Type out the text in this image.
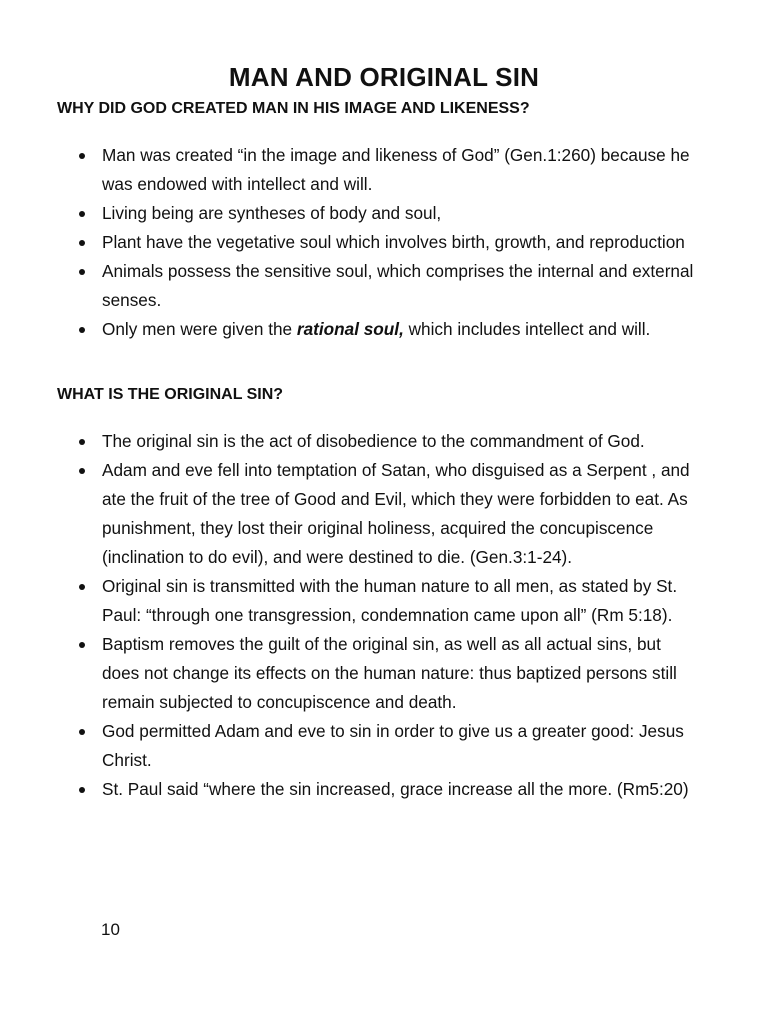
MAN AND ORIGINAL SIN
WHY DID GOD CREATED MAN IN HIS IMAGE AND LIKENESS?
Man was created “in the image and likeness of God” (Gen.1:260) because he was endowed with intellect and will.
Living being are syntheses of body and soul,
Plant have the vegetative soul which involves birth, growth, and reproduction
Animals possess the sensitive soul, which comprises the internal and external senses.
Only men were given the rational soul, which includes intellect and will.
WHAT IS THE ORIGINAL SIN?
The original sin is the act of disobedience to the commandment of God.
Adam and eve fell into temptation of Satan, who disguised as a Serpent , and ate the fruit of the tree of Good and Evil, which they were forbidden to eat. As punishment, they lost their original holiness, acquired the concupiscence (inclination to do evil), and were destined to die. (Gen.3:1-24).
Original sin is transmitted with the human nature to all men, as stated by St. Paul: “through one transgression, condemnation came upon all” (Rm 5:18).
Baptism removes the guilt of the original sin, as well as all actual sins, but does not change its effects on the human nature: thus baptized persons still remain subjected to concupiscence and death.
God permitted Adam and eve to sin in order to give us a greater good: Jesus Christ.
St. Paul said “where the sin increased, grace increase all the more. (Rm5:20)

10
